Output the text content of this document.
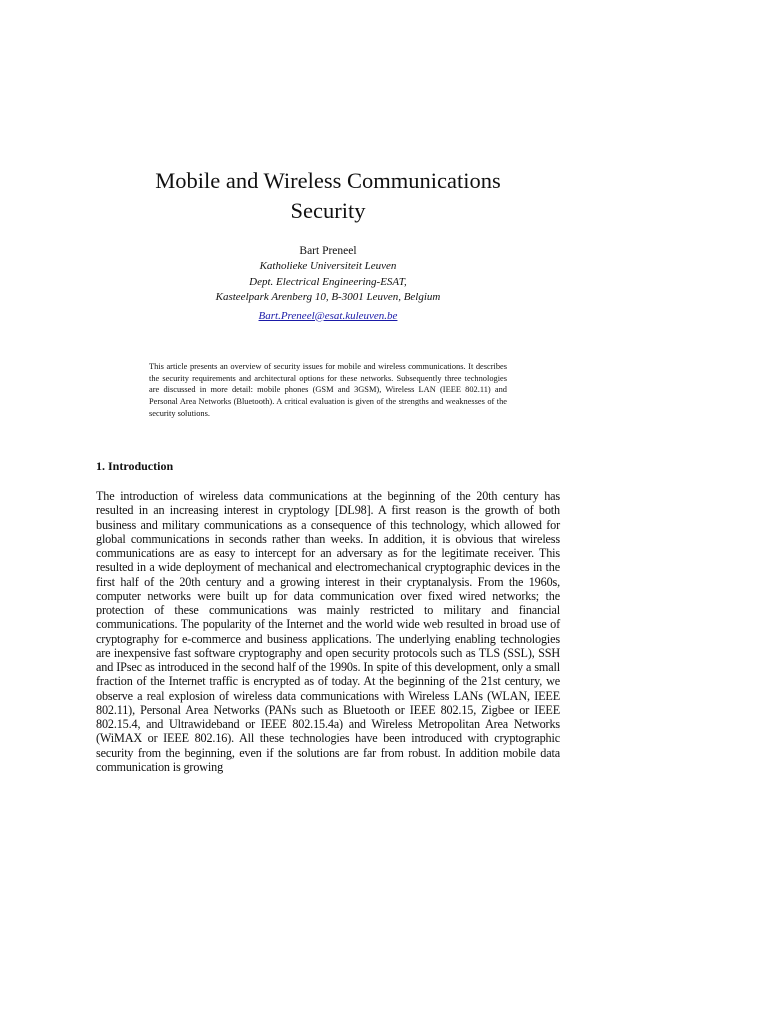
Mobile and Wireless Communications
Security
Bart Preneel
Katholieke Universiteit Leuven
Dept. Electrical Engineering-ESAT,
Kasteelpark Arenberg 10, B-3001 Leuven, Belgium
Bart.Preneel@esat.kuleuven.be

This article presents an overview of security issues for mobile and wireless communications. It describes the security requirements and architectural options for these networks. Subsequently three technologies are discussed in more detail: mobile phones (GSM and 3GSM), Wireless LAN (IEEE 802.11) and Personal Area Networks (Bluetooth). A critical evaluation is given of the strengths and weaknesses of the security solutions.

1. Introduction

The introduction of wireless data communications at the beginning of the 20th century has resulted in an increasing interest in cryptology [DL98]. A first reason is the growth of both business and military communications as a consequence of this technology, which allowed for global communications in seconds rather than weeks. In addition, it is obvious that wireless communications are as easy to intercept for an adversary as for the legitimate receiver. This resulted in a wide deployment of mechanical and electromechanical cryptographic devices in the first half of the 20th century and a growing interest in their cryptanalysis. From the 1960s, computer networks were built up for data communication over fixed wired networks; the protection of these communications was mainly restricted to military and financial communications. The popularity of the Internet and the world wide web resulted in broad use of cryptography for e-commerce and business applications. The underlying enabling technologies are inexpensive fast software cryptography and open security protocols such as TLS (SSL), SSH and IPsec as introduced in the second half of the 1990s. In spite of this development, only a small fraction of the Internet traffic is encrypted as of today. At the beginning of the 21st century, we observe a real explosion of wireless data communications with Wireless LANs (WLAN, IEEE 802.11), Personal Area Networks (PANs such as Bluetooth or IEEE 802.15, Zigbee or IEEE 802.15.4, and Ultrawideband or IEEE 802.15.4a) and Wireless Metropolitan Area Networks (WiMAX or IEEE 802.16). All these technologies have been introduced with cryptographic security from the beginning, even if the solutions are far from robust. In addition mobile data communication is growing
